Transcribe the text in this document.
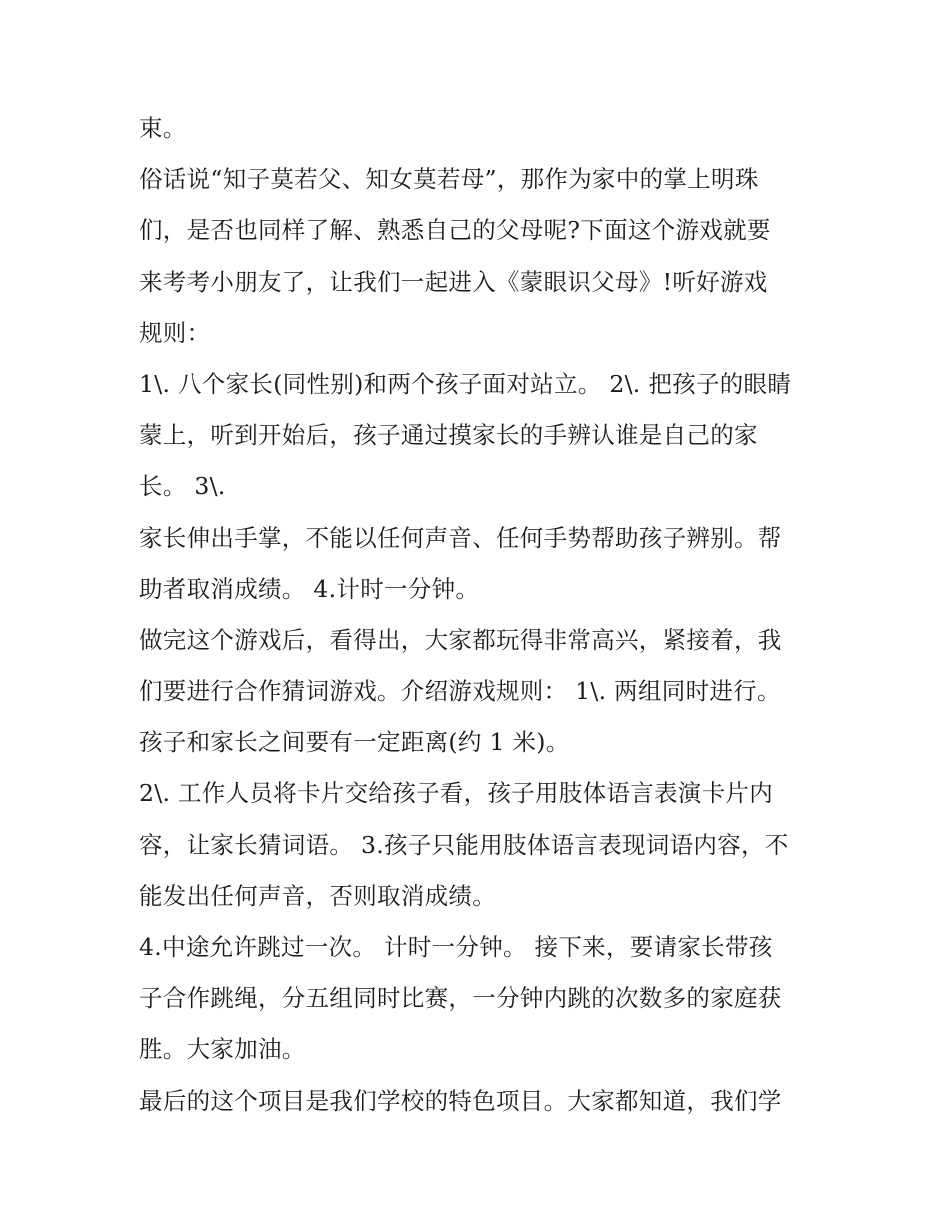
束。
俗话说“知子莫若父、知女莫若母”，那作为家中的掌上明珠
们，是否也同样了解、熟悉自己的父母呢?下面这个游戏就要
来考考小朋友了，让我们一起进入《蒙眼识父母》!听好游戏
规则：
1\. 八个家长(同性别)和两个孩子面对站立。 2\. 把孩子的眼睛
蒙上，听到开始后，孩子通过摸家长的手辨认谁是自己的家
长。 3\.
家长伸出手掌，不能以任何声音、任何手势帮助孩子辨别。帮
助者取消成绩。 4.计时一分钟。
做完这个游戏后，看得出，大家都玩得非常高兴，紧接着，我
们要进行合作猜词游戏。介绍游戏规则： 1\. 两组同时进行。
孩子和家长之间要有一定距离(约 1 米)。
2\. 工作人员将卡片交给孩子看，孩子用肢体语言表演卡片内
容，让家长猜词语。 3.孩子只能用肢体语言表现词语内容，不
能发出任何声音，否则取消成绩。
4.中途允许跳过一次。 计时一分钟。 接下来，要请家长带孩
子合作跳绳，分五组同时比赛，一分钟内跳的次数多的家庭获
胜。大家加油。
最后的这个项目是我们学校的特色项目。大家都知道，我们学
